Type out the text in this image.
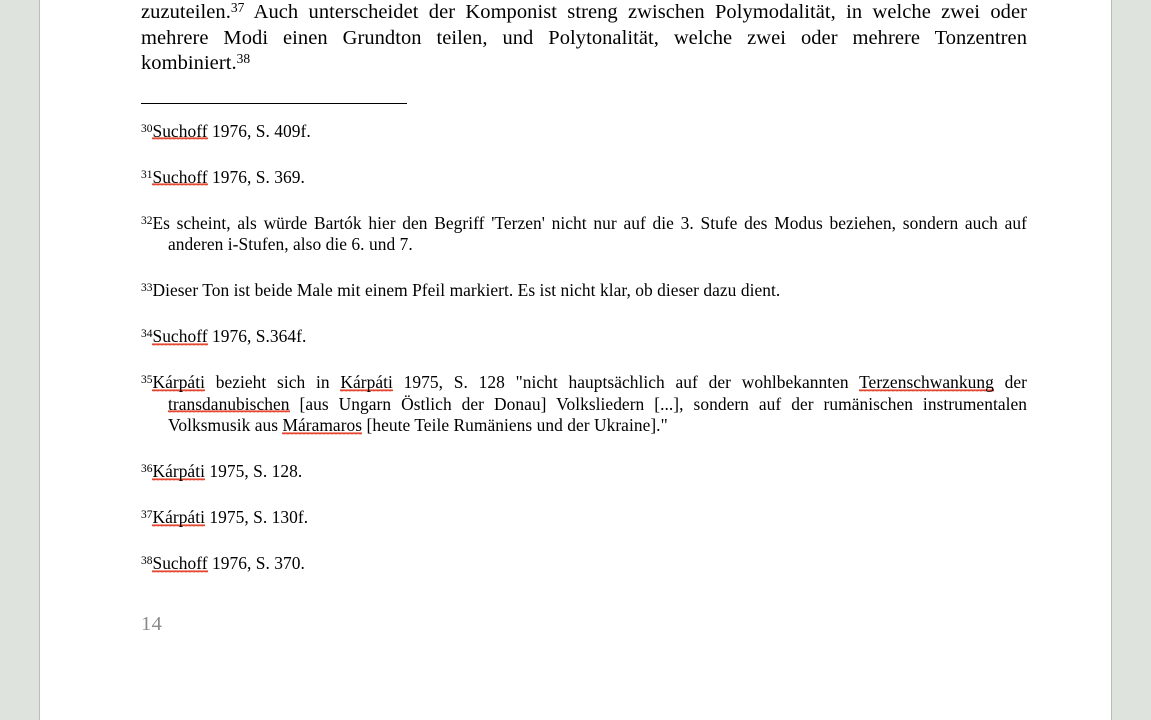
zuzuteilen.$^{37}$ Auch unterscheidet der Komponist streng zwischen Polymodalität, in welche zwei oder mehrere Modi einen Grundton teilen, und Polytonalität, welche zwei oder mehrere Tonzentren kombiniert.$^{38}$

$^{30}$Suchoff 1976, S. 409f.

$^{31}$Suchoff 1976, S. 369.

$^{32}$Es scheint, als würde Bartók hier den Begriff 'Terzen' nicht nur auf die 3. Stufe des Modus beziehen, sondern auch auf anderen i-Stufen, also die 6. und 7.

$^{33}$Dieser Ton ist beide Male mit einem Pfeil markiert. Es ist nicht klar, ob dieser dazu dient.

$^{34}$Suchoff 1976, S.364f.

$^{35}$Kárpáti bezieht sich in Kárpáti 1975, S. 128 "nicht hauptsächlich auf der wohlbekannten Terzenschwankung der transdanubischen [aus Ungarn Östlich der Donau] Volksliedern [...], sondern auf der rumänischen instrumentalen Volksmusik aus Máramaros [heute Teile Rumäniens und der Ukraine]."

$^{36}$Kárpáti 1975, S. 128.

$^{37}$Kárpáti 1975, S. 130f.

$^{38}$Suchoff 1976, S. 370.

14
